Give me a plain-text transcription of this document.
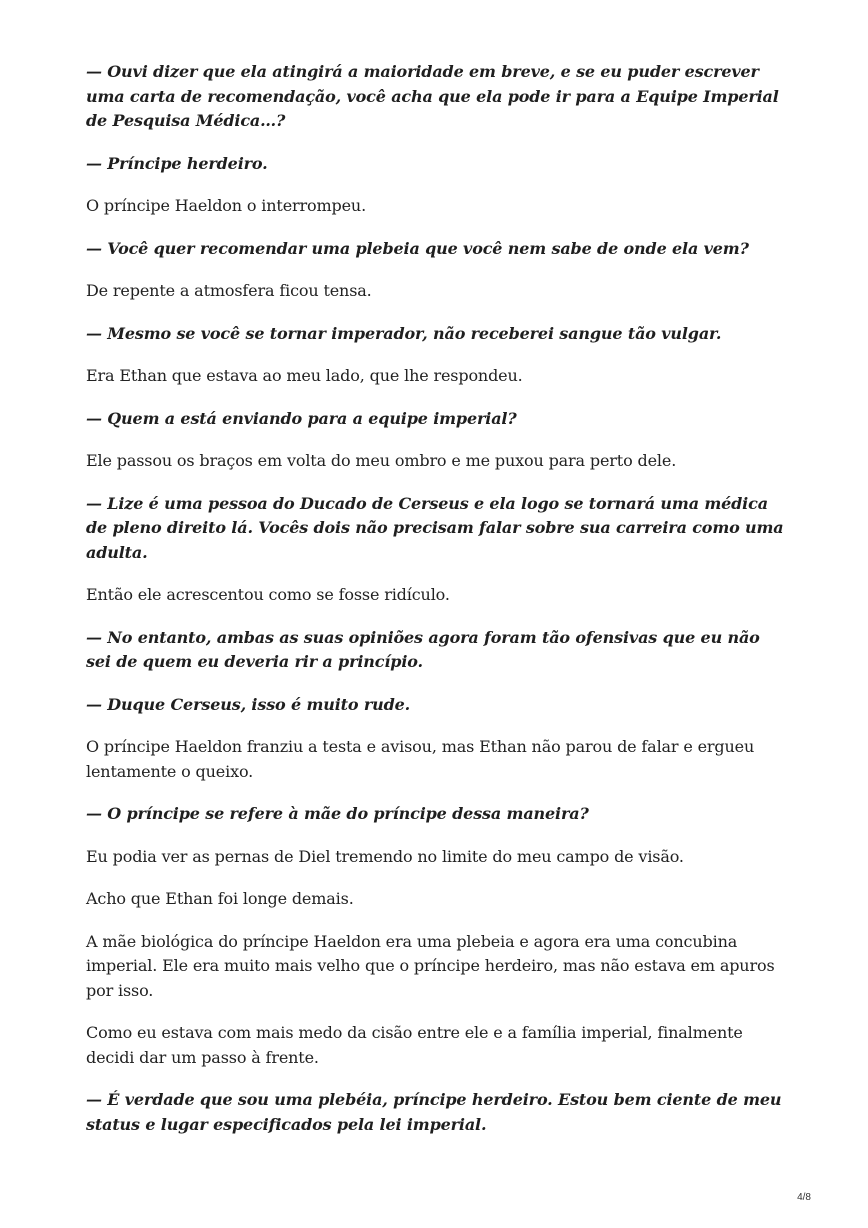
— Ouvi dizer que ela atingirá a maioridade em breve, e se eu puder escrever uma carta de recomendação, você acha que ela pode ir para a Equipe Imperial de Pesquisa Médica…?

— Príncipe herdeiro.

O príncipe Haeldon o interrompeu.

— Você quer recomendar uma plebeia que você nem sabe de onde ela vem?

De repente a atmosfera ficou tensa.

— Mesmo se você se tornar imperador, não receberei sangue tão vulgar.

Era Ethan que estava ao meu lado, que lhe respondeu.

— Quem a está enviando para a equipe imperial?

Ele passou os braços em volta do meu ombro e me puxou para perto dele.

— Lize é uma pessoa do Ducado de Cerseus e ela logo se tornará uma médica de pleno direito lá. Vocês dois não precisam falar sobre sua carreira como uma adulta.

Então ele acrescentou como se fosse ridículo.

— No entanto, ambas as suas opiniões agora foram tão ofensivas que eu não sei de quem eu deveria rir a princípio.

— Duque Cerseus, isso é muito rude.

O príncipe Haeldon franziu a testa e avisou, mas Ethan não parou de falar e ergueu lentamente o queixo.

— O príncipe se refere à mãe do príncipe dessa maneira?

Eu podia ver as pernas de Diel tremendo no limite do meu campo de visão.

Acho que Ethan foi longe demais.

A mãe biológica do príncipe Haeldon era uma plebeia e agora era uma concubina imperial. Ele era muito mais velho que o príncipe herdeiro, mas não estava em apuros por isso.

Como eu estava com mais medo da cisão entre ele e a família imperial, finalmente decidi dar um passo à frente.

— É verdade que sou uma plebéia, príncipe herdeiro. Estou bem ciente de meu status e lugar especificados pela lei imperial.

4/8
